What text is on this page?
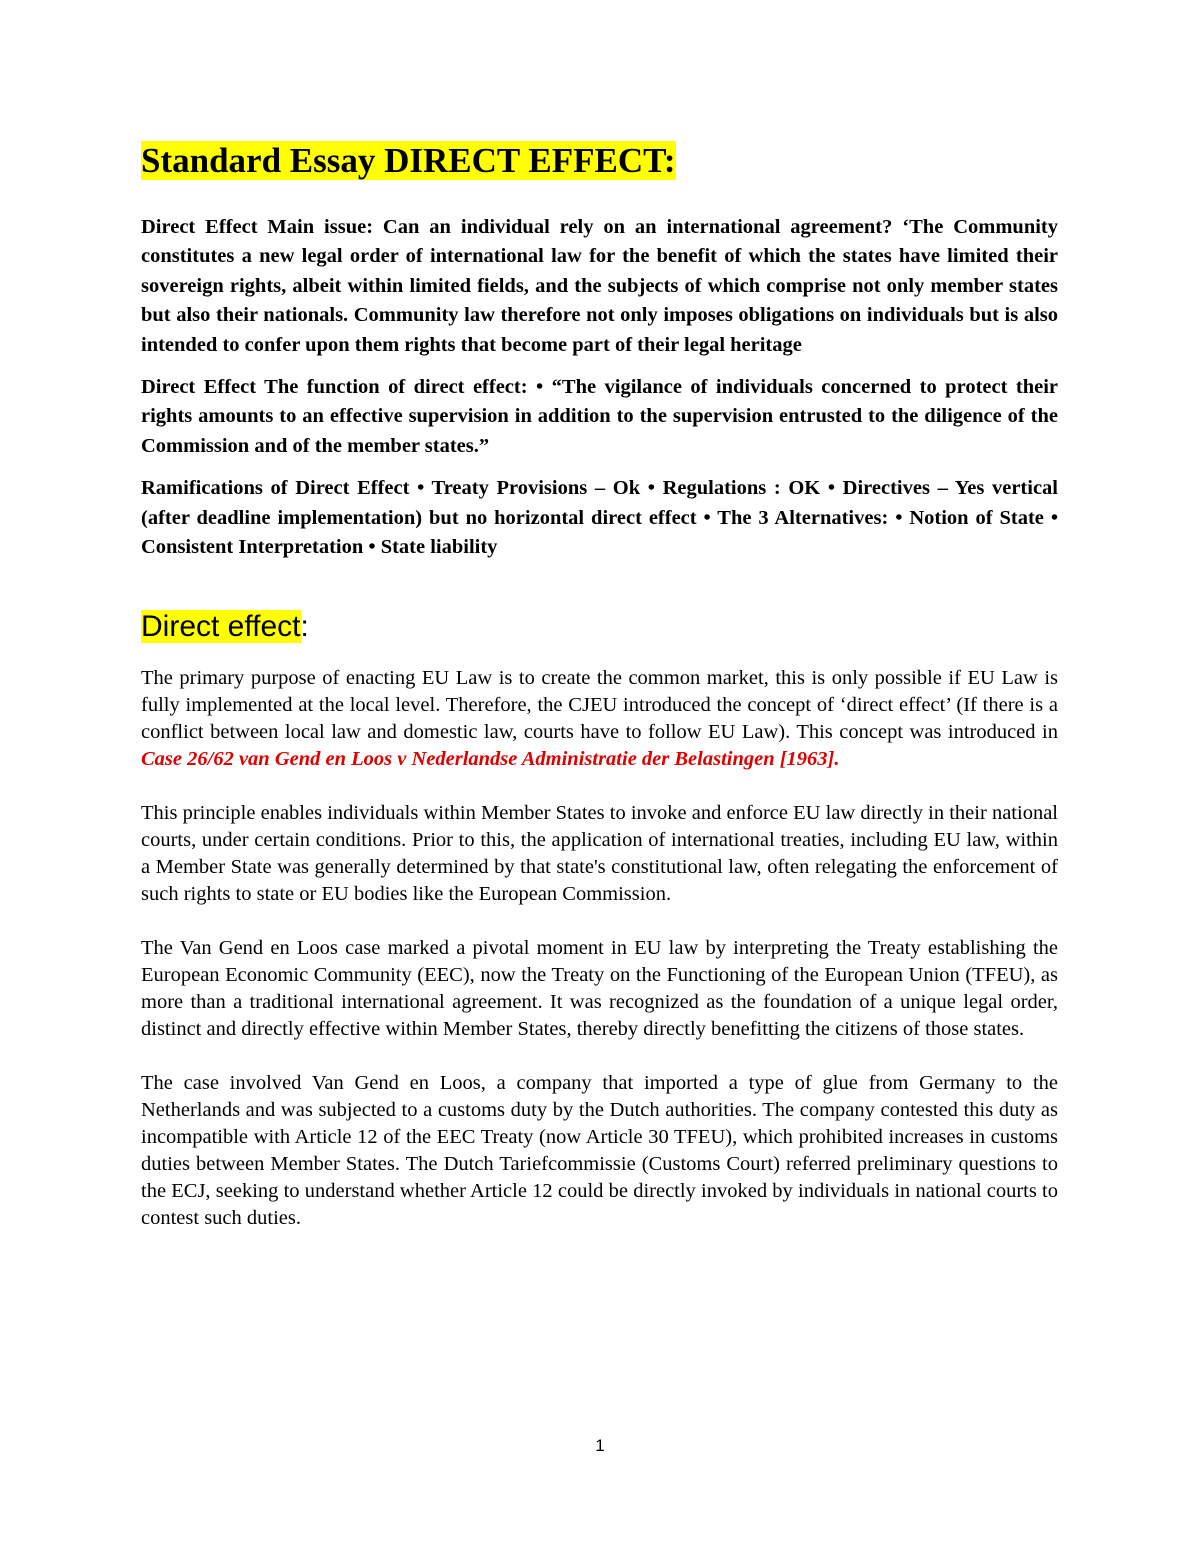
Standard Essay DIRECT EFFECT:

Direct Effect Main issue: Can an individual rely on an international agreement? ‘The Community constitutes a new legal order of international law for the benefit of which the states have limited their sovereign rights, albeit within limited fields, and the subjects of which comprise not only member states but also their nationals. Community law therefore not only imposes obligations on individuals but is also intended to confer upon them rights that become part of their legal heritage

Direct Effect The function of direct effect: • “The vigilance of individuals concerned to protect their rights amounts to an effective supervision in addition to the supervision entrusted to the diligence of the Commission and of the member states.”

Ramifications of Direct Effect • Treaty Provisions – Ok • Regulations : OK • Directives – Yes vertical (after deadline implementation) but no horizontal direct effect • The 3 Alternatives: • Notion of State • Consistent Interpretation • State liability

Direct effect:

The primary purpose of enacting EU Law is to create the common market, this is only possible if EU Law is fully implemented at the local level. Therefore, the CJEU introduced the concept of ‘direct effect’ (If there is a conflict between local law and domestic law, courts have to follow EU Law). This concept was introduced in Case 26/62 van Gend en Loos v Nederlandse Administratie der Belastingen [1963].

This principle enables individuals within Member States to invoke and enforce EU law directly in their national courts, under certain conditions. Prior to this, the application of international treaties, including EU law, within a Member State was generally determined by that state's constitutional law, often relegating the enforcement of such rights to state or EU bodies like the European Commission.

The Van Gend en Loos case marked a pivotal moment in EU law by interpreting the Treaty establishing the European Economic Community (EEC), now the Treaty on the Functioning of the European Union (TFEU), as more than a traditional international agreement. It was recognized as the foundation of a unique legal order, distinct and directly effective within Member States, thereby directly benefitting the citizens of those states.

The case involved Van Gend en Loos, a company that imported a type of glue from Germany to the Netherlands and was subjected to a customs duty by the Dutch authorities. The company contested this duty as incompatible with Article 12 of the EEC Treaty (now Article 30 TFEU), which prohibited increases in customs duties between Member States. The Dutch Tariefcommissie (Customs Court) referred preliminary questions to the ECJ, seeking to understand whether Article 12 could be directly invoked by individuals in national courts to contest such duties.

1
